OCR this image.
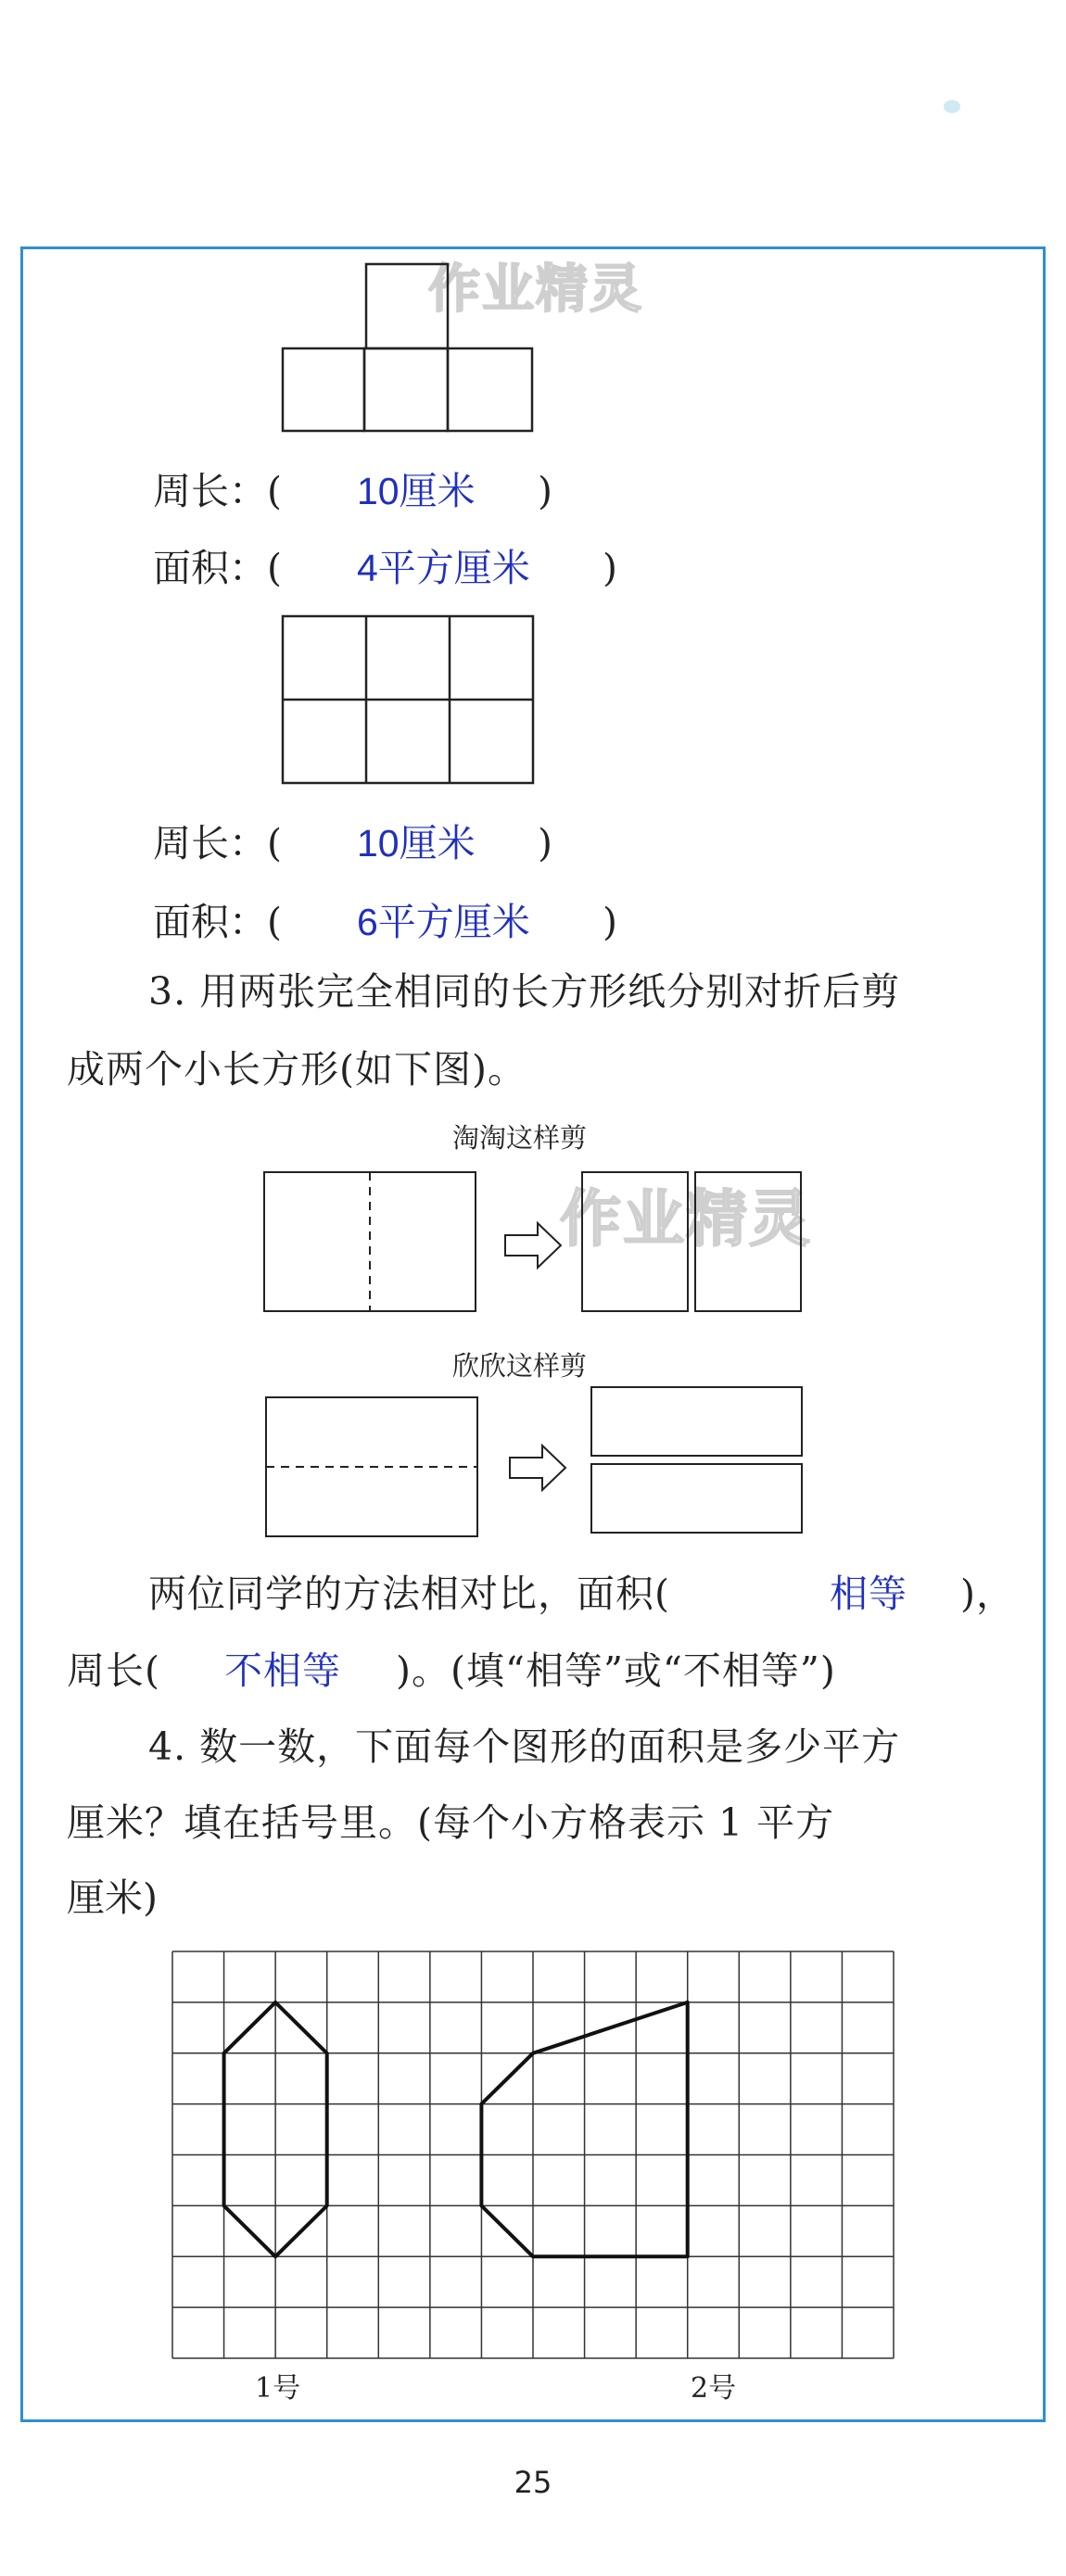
作业精灵
作业精灵
周长：( 10厘米 )
面积：( 4平方厘米 )
周长：( 10厘米 )
面积：( 6平方厘米 )
3. 用两张完全相同的长方形纸分别对折后剪
成两个小长方形(如下图)。
淘淘这样剪
欣欣这样剪
两位同学的方法相对比，面积(	相等 )，
周长( 不相等 )。(填“相等”或“不相等”)
4. 数一数，下面每个图形的面积是多少平方
厘米？填在括号里。(每个小方格表示 1 平方
厘米)
1号	2号
25
